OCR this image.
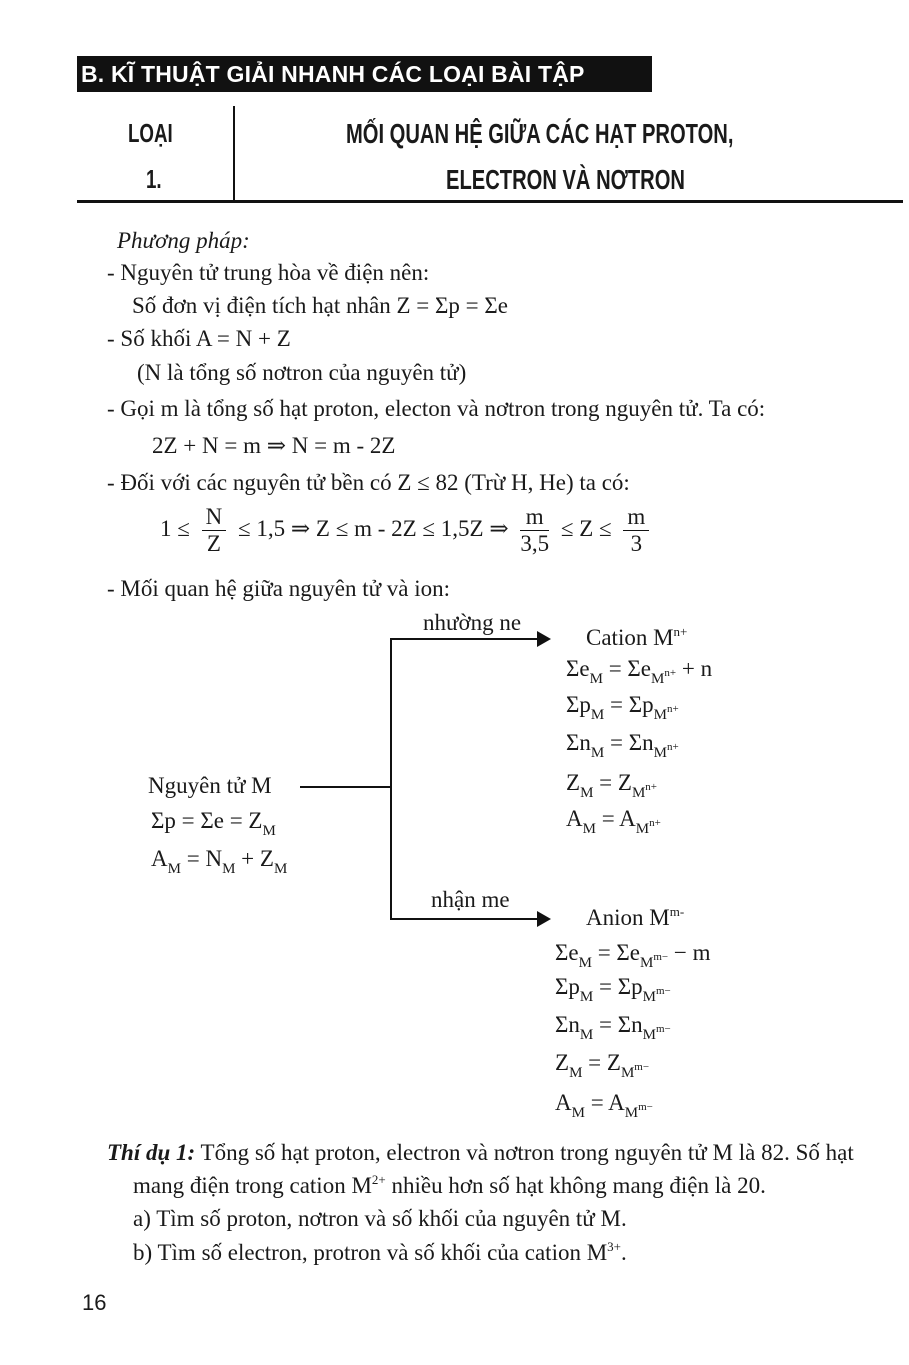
B. KĨ THUẬT GIẢI NHANH CÁC LOẠI BÀI TẬP
LOẠI
1.
MỐI QUAN HỆ GIỮA CÁC HẠT PROTON,
ELECTRON VÀ NƠTRON
Phương pháp:
- Nguyên tử trung hòa về điện nên:
Số đơn vị điện tích hạt nhân Z = Σp = Σe
- Số khối A = N + Z
(N là tổng số nơtron của nguyên tử)
- Gọi m là tổng số hạt proton, electon và nơtron trong nguyên tử. Ta có:
2Z + N = m ⇒ N = m - 2Z
- Đối với các nguyên tử bền có Z ≤ 82 (Trừ H, He) ta có:
$1 \le \frac{N}{Z} \le 1,5$ ⇒ Z ≤ m - 2Z ≤ 1,5Z ⇒ $\frac{m}{3,5} \le Z \le \frac{m}{3}$
- Mối quan hệ giữa nguyên tử và ion:
nhường ne
nhận me
Nguyên tử M
$\Sigma p = \Sigma e = Z_M$
$A_M = N_M + Z_M$
Cation $M^{n+}$
$\Sigma e_M = \Sigma e_{M^{n+}} + n$
$\Sigma p_M = \Sigma p_{M^{n+}}$
$\Sigma n_M = \Sigma n_{M^{n+}}$
$Z_M = Z_{M^{n+}}$
$A_M = A_{M^{n+}}$
Anion $M^{m-}$
$\Sigma e_M = \Sigma e_{M^{m-}} - m$
$\Sigma p_M = \Sigma p_{M^{m-}}$
$\Sigma n_M = \Sigma n_{M^{m-}}$
$Z_M = Z_{M^{m-}}$
$A_M = A_{M^{m-}}$
Thí dụ 1: Tổng số hạt proton, electron và nơtron trong nguyên tử M là 82. Số hạt
mang điện trong cation $M^{2+}$ nhiều hơn số hạt không mang điện là 20.
a) Tìm số proton, nơtron và số khối của nguyên tử M.
b) Tìm số electron, protron và số khối của cation $M^{3+}$.
16
